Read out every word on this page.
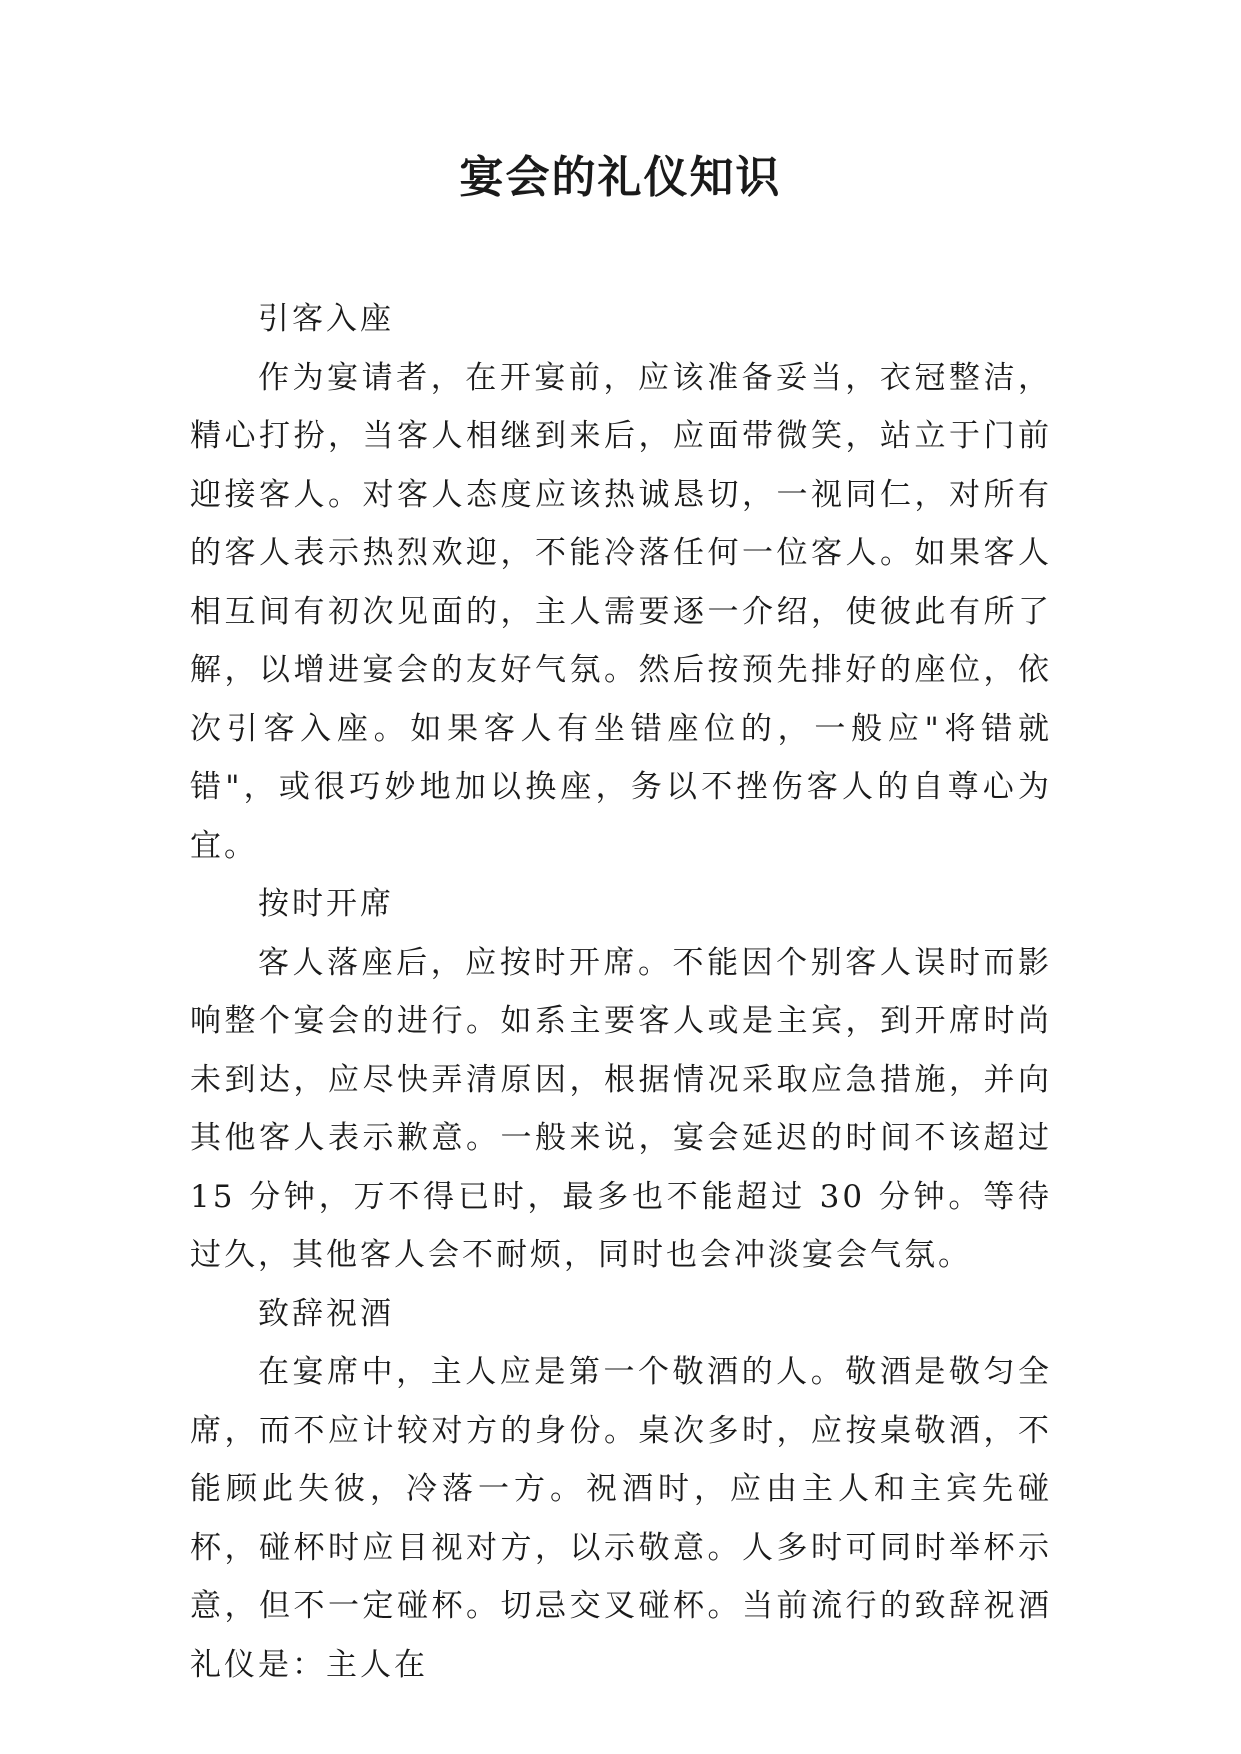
宴会的礼仪知识

引客入座

作为宴请者，在开宴前，应该准备妥当，衣冠整洁，精心打扮，当客人相继到来后，应面带微笑，站立于门前迎接客人。对客人态度应该热诚恳切，一视同仁，对所有的客人表示热烈欢迎，不能冷落任何一位客人。如果客人相互间有初次见面的，主人需要逐一介绍，使彼此有所了解，以增进宴会的友好气氛。然后按预先排好的座位，依次引客入座。如果客人有坐错座位的，一般应"将错就错"，或很巧妙地加以换座，务以不挫伤客人的自尊心为宜。

按时开席

客人落座后，应按时开席。不能因个别客人误时而影响整个宴会的进行。如系主要客人或是主宾，到开席时尚未到达，应尽快弄清原因，根据情况采取应急措施，并向其他客人表示歉意。一般来说，宴会延迟的时间不该超过 15 分钟，万不得已时，最多也不能超过 30 分钟。等待过久，其他客人会不耐烦，同时也会冲淡宴会气氛。

致辞祝酒

在宴席中，主人应是第一个敬酒的人。敬酒是敬匀全席，而不应计较对方的身份。桌次多时，应按桌敬酒，不能顾此失彼，冷落一方。祝酒时，应由主人和主宾先碰杯，碰杯时应目视对方，以示敬意。人多时可同时举杯示意，但不一定碰杯。切忌交叉碰杯。当前流行的致辞祝酒礼仪是：主人在
